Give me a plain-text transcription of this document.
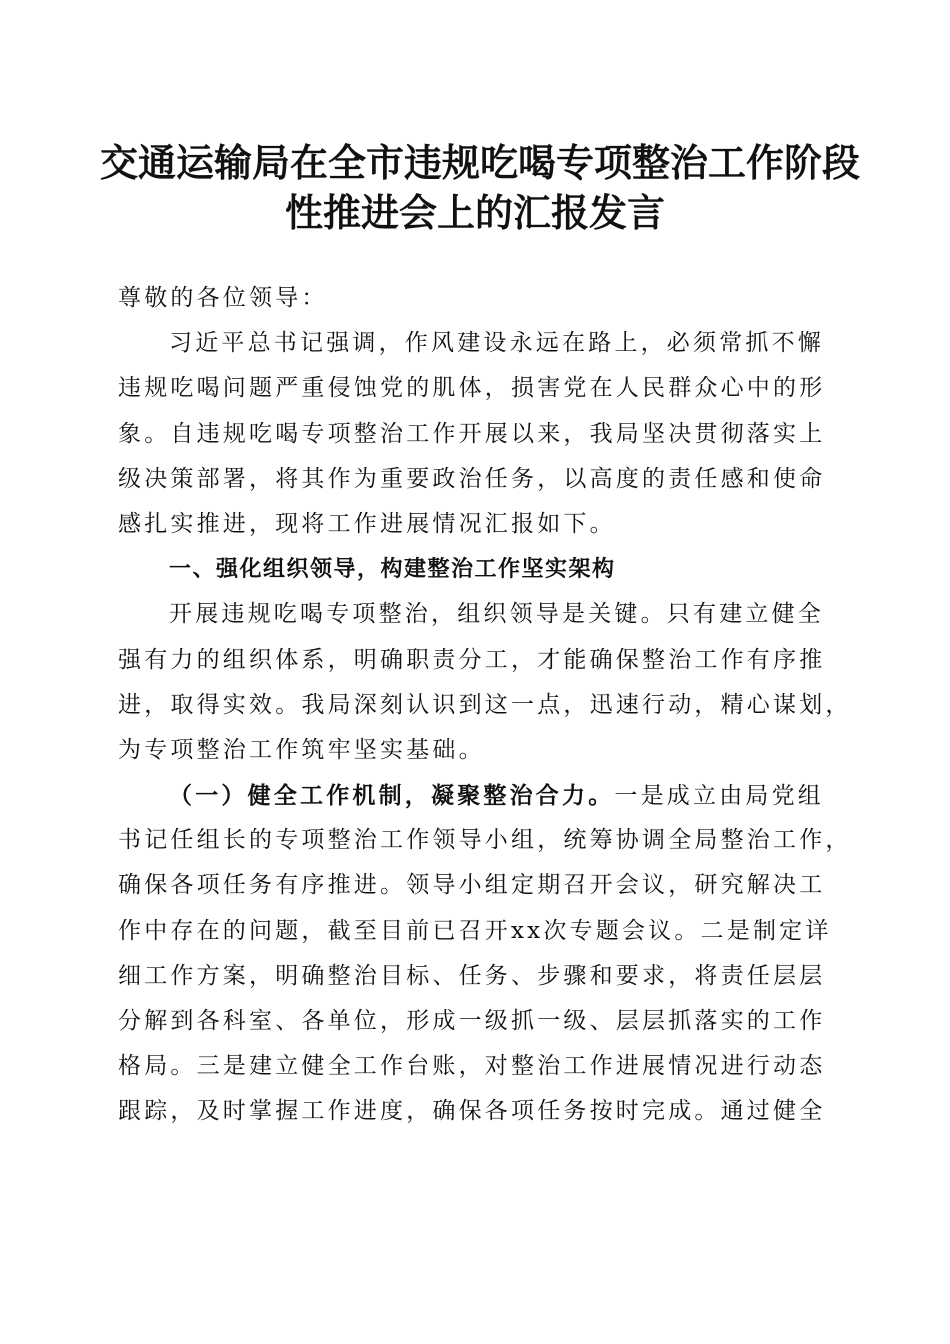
交通运输局在全市违规吃喝专项整治工作阶段
性推进会上的汇报发言
尊敬的各位领导：
习近平总书记强调，作风建设永远在路上，必须常抓不懈
违规吃喝问题严重侵蚀党的肌体，损害党在人民群众心中的形
象。自违规吃喝专项整治工作开展以来，我局坚决贯彻落实上
级决策部署，将其作为重要政治任务，以高度的责任感和使命
感扎实推进，现将工作进展情况汇报如下。
一、强化组织领导，构建整治工作坚实架构
开展违规吃喝专项整治，组织领导是关键。只有建立健全
强有力的组织体系，明确职责分工，才能确保整治工作有序推
进，取得实效。我局深刻认识到这一点，迅速行动，精心谋划，
为专项整治工作筑牢坚实基础。
（一）健全工作机制，凝聚整治合力。一是成立由局党组
书记任组长的专项整治工作领导小组，统筹协调全局整治工作，
确保各项任务有序推进。领导小组定期召开会议，研究解决工
作中存在的问题，截至目前已召开xx次专题会议。二是制定详
细工作方案，明确整治目标、任务、步骤和要求，将责任层层
分解到各科室、各单位，形成一级抓一级、层层抓落实的工作
格局。三是建立健全工作台账，对整治工作进展情况进行动态
跟踪，及时掌握工作进度，确保各项任务按时完成。通过健全
